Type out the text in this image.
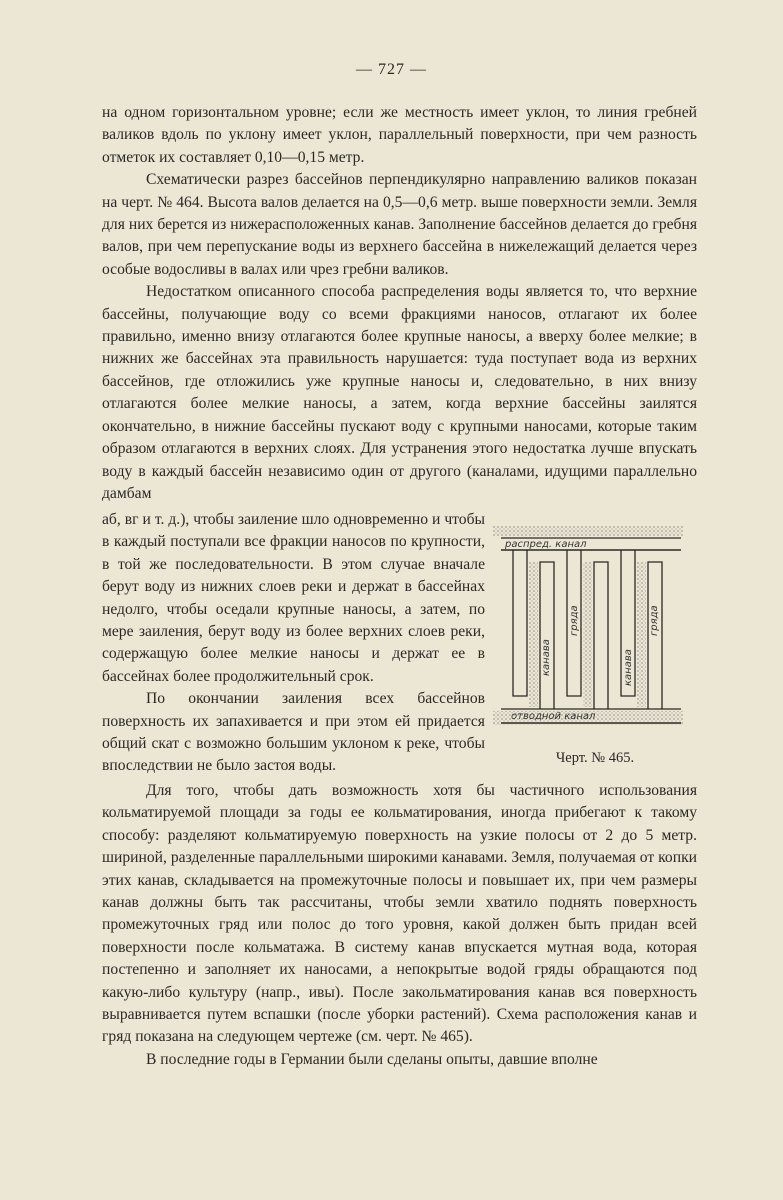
— 727 —

на одном горизонтальном уровне; если же местность имеет уклон, то линия гребней валиков вдоль по уклону имеет уклон, параллельный поверхности, при чем разность отметок их составляет 0,10—0,15 метр.

Схематически разрез бассейнов перпендикулярно направлению валиков показан на черт. № 464. Высота валов делается на 0,5—0,6 метр. выше поверхности земли. Земля для них берется из нижерасположенных канав. Заполнение бассейнов делается до гребня валов, при чем перепускание воды из верхнего бассейна в нижележащий делается через особые водосливы в валах или чрез гребни валиков.

Недостатком описанного способа распределения воды является то, что верхние бассейны, получающие воду со всеми фракциями наносов, отлагают их более правильно, именно внизу отлагаются более крупные наносы, а вверху более мелкие; в нижних же бассейнах эта правильность нарушается: туда поступает вода из верхних бассейнов, где отложились уже крупные наносы и, следовательно, в них внизу отлагаются более мелкие наносы, а затем, когда верхние бассейны заилятся окончательно, в нижние бассейны пускают воду с крупными наносами, которые таким образом отлагаются в верхних слоях. Для устранения этого недостатка лучше впускать воду в каждый бассейн независимо один от другого (каналами, идущими параллельно дамбам

аб, вг и т. д.), чтобы заиление шло одновременно и чтобы в каждый поступали все фракции наносов по крупности, в той же последовательности. В этом случае вначале берут воду из нижних слоев реки и держат в бассейнах недолго, чтобы оседали крупные наносы, а затем, по мере заиления, берут воду из более верхних слоев реки, содержащую более мелкие наносы и держат ее в бассейнах более продолжительный срок.

По окончании заиления всех бассейнов поверхность их запахивается и при этом ей придается общий скат с возможно большим уклоном к реке, чтобы впоследствии не было застоя воды.

распред. канал
отводной канал
канава
гряда
канава
гряда
Черт. № 465.

Для того, чтобы дать возможность хотя бы частичного использования кольматируемой площади за годы ее кольматирования, иногда прибегают к такому способу: разделяют кольматируемую поверхность на узкие полосы от 2 до 5 метр. шириной, разделенные параллельными широкими канавами. Земля, получаемая от копки этих канав, складывается на промежуточные полосы и повышает их, при чем размеры канав должны быть так рассчитаны, чтобы земли хватило поднять поверхность промежуточных гряд или полос до того уровня, какой должен быть придан всей поверхности после кольматажа. В систему канав впускается мутная вода, которая постепенно и заполняет их наносами, а непокрытые водой гряды обращаются под какую-либо культуру (напр., ивы). После закольматирования канав вся поверхность выравнивается путем вспашки (после уборки растений). Схема расположения канав и гряд показана на следующем чертеже (см. черт. № 465).

В последние годы в Германии были сделаны опыты, давшие вполне
